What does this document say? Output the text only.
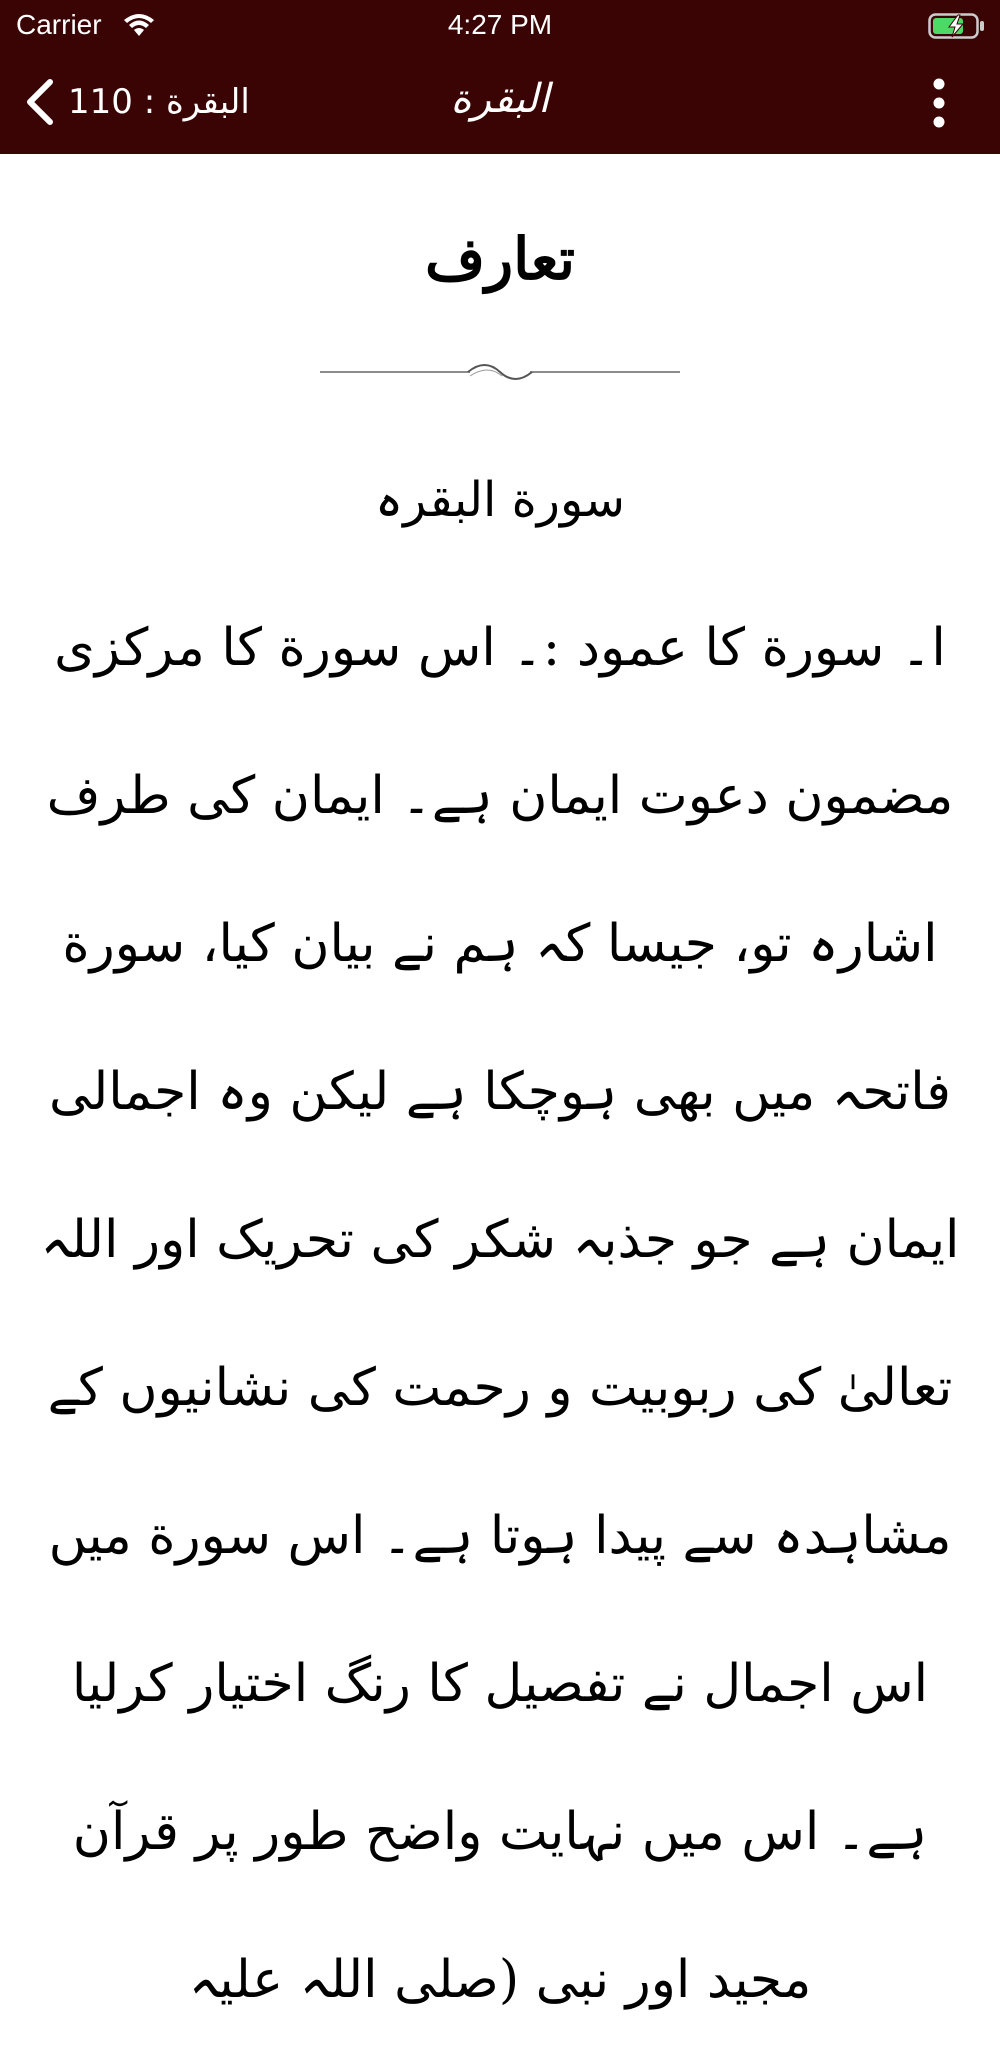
Carrier	4:27 PM
البقرة : 110	البقرة
تعارف
سورة البقرہ

ا۔ سورة کا عمود :۔ اس سورة کا مرکزی مضمون دعوت ایمان ہے۔ ایمان کی طرف اشارہ تو، جیسا کہ ہم نے بیان کیا، سورة فاتحہ میں بھی ہوچکا ہے لیکن وہ اجمالی ایمان ہے جو جذبہ شکر کی تحریک اور اللہ تعالیٰ کی ربوبیت و رحمت کی نشانیوں کے مشاہدہ سے پیدا ہوتا ہے۔ اس سورة میں اس اجمال نے تفصیل کا رنگ اختیار کرلیا ہے۔ اس میں نہایت واضح طور پر قرآن مجید اور نبی (صلی اللہ علیہ
